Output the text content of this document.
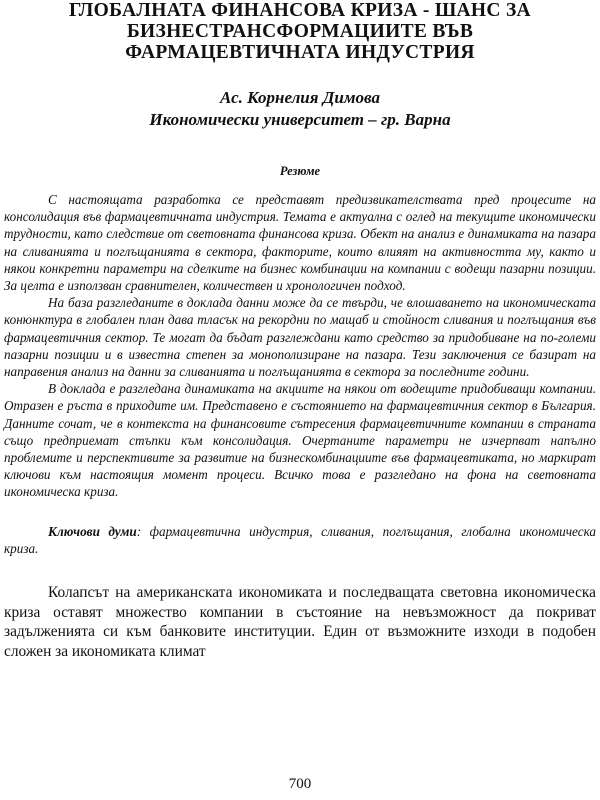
ГЛОБАЛНАТА ФИНАНСОВА КРИЗА - ШАНС ЗА
БИЗНЕСТРАНСФОРМАЦИИТЕ ВЪВ
ФАРМАЦЕВТИЧНАТА ИНДУСТРИЯ
Ас. Корнелия Димова
Икономически университет – гр. Варна
Резюме

С настоящата разработка се представят предизвикателствата пред процесите на консолидация във фармацевтичната индустрия. Темата е актуална с оглед на текущите икономически трудности, като следствие от световната финансова криза. Обект на анализ е динамиката на пазара на сливанията и поглъщанията в сектора, факторите, които влияят на активността му, както и някои конкретни параметри на сделките на бизнес комбинации на компании с водещи пазарни позиции. За целта е използван сравнителен, количествен и хронологичен подход.

На база разгледаните в доклада данни може да се твърди, че влошаването на икономическата конюнктура в глобален план дава тласък на рекордни по мащаб и стойност сливания и поглъщания във фармацевтичния сектор. Те могат да бъдат разглеждани като средство за придобиване на по-големи пазарни позиции и в известна степен за монополизиране на пазара. Тези заключения се базират на направения анализ на данни за сливанията и поглъщанията в сектора за последните години.

В доклада е разгледана динамиката на акциите на някои от водещите придобиващи компании. Отразен е ръста в приходите им. Представено е състоянието на фармацевтичния сектор в България. Данните сочат, че в контекста на финансовите сътресения фармацевтичните компании в страната също предприемат стъпки към консолидация. Очертаните параметри не изчерпват напълно проблемите и перспективите за развитие на бизнескомбинациите във фармацевтиката, но маркират ключови към настоящия момент процеси. Всичко това е разгледано на фона на световната икономическа криза.

Ключови думи: фармацевтична индустрия, сливания, поглъщания, глобална икономическа криза.

Колапсът на американската икономиката и последващата световна икономическа криза оставят множество компании в състояние на невъзможност да покриват задълженията си към банковите институции. Един от възможните изходи в подобен сложен за икономиката климат

700
